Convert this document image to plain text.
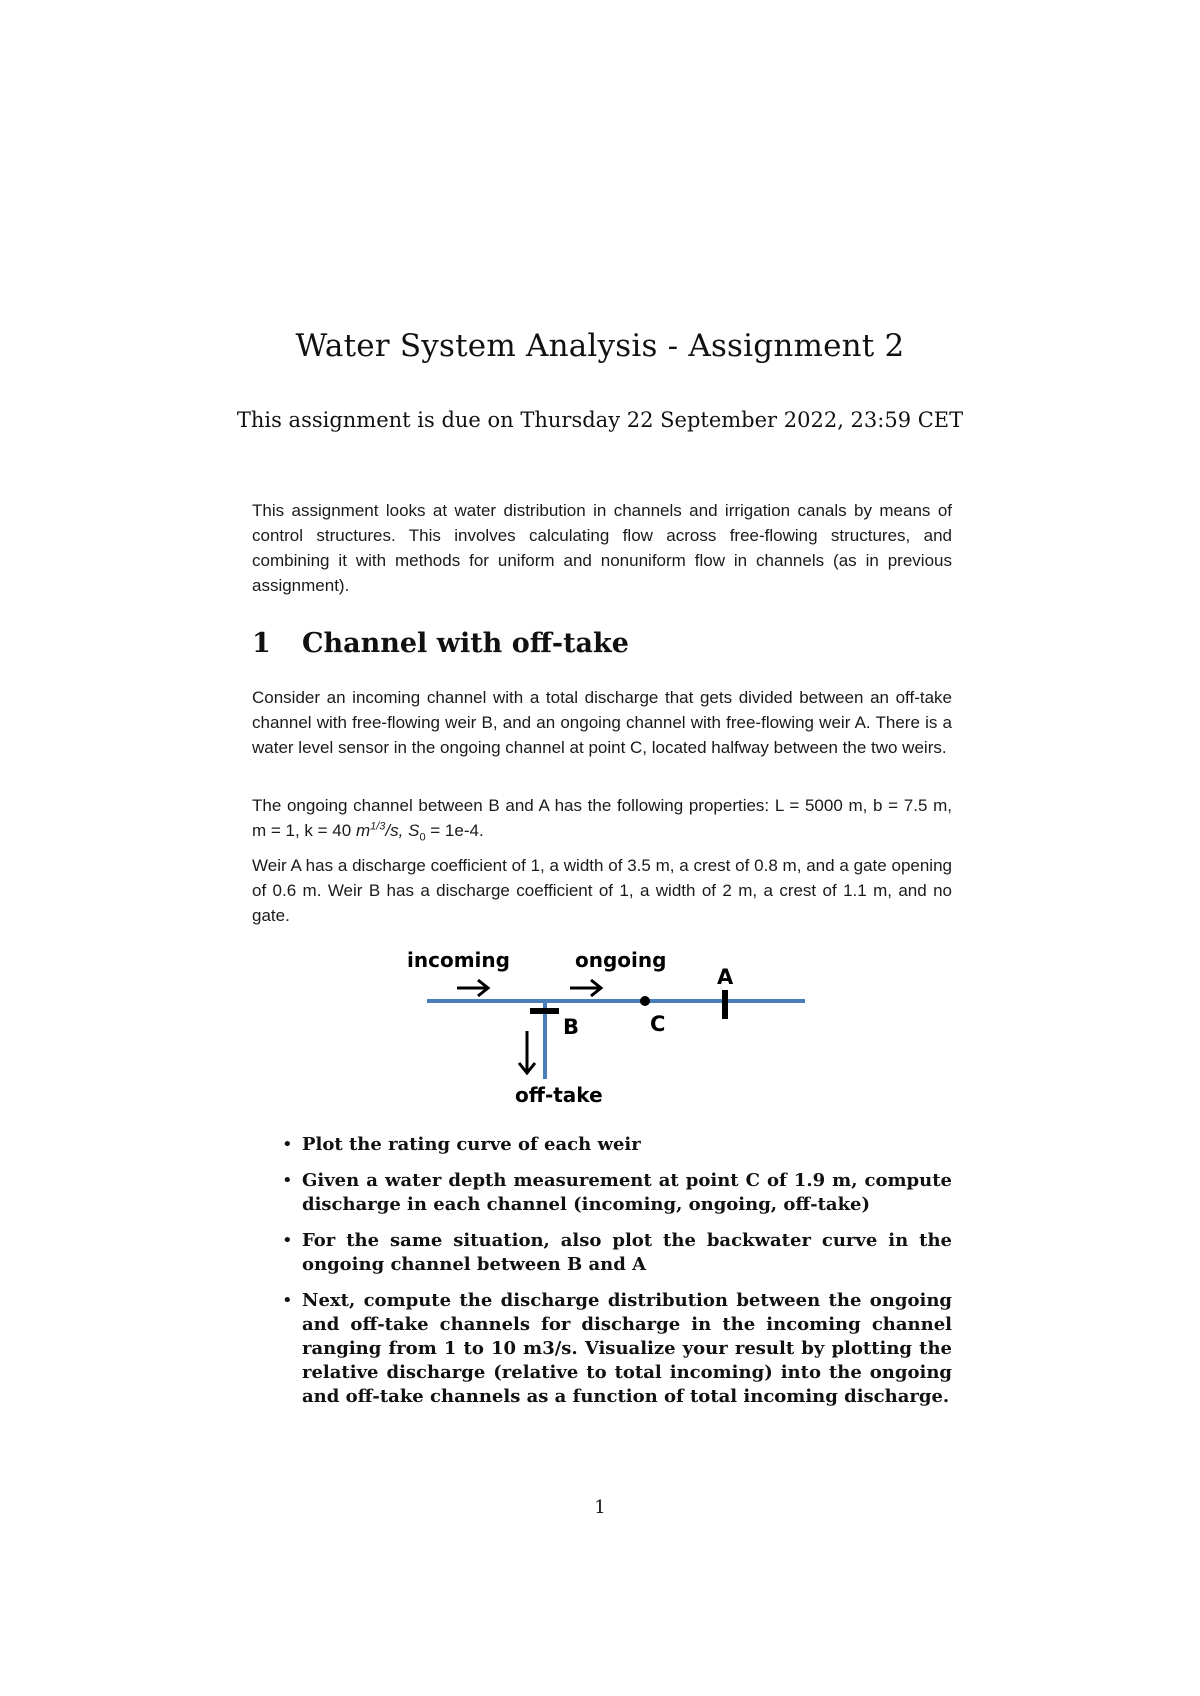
Water System Analysis - Assignment 2

This assignment is due on Thursday 22 September 2022, 23:59 CET

This assignment looks at water distribution in channels and irrigation canals by means of control structures. This involves calculating flow across free-flowing structures, and combining it with methods for uniform and nonuniform flow in channels (as in previous assignment).

1 Channel with off-take

Consider an incoming channel with a total discharge that gets divided between an off-take channel with free-flowing weir B, and an ongoing channel with free-flowing weir A. There is a water level sensor in the ongoing channel at point C, located halfway between the two weirs.

The ongoing channel between B and A has the following properties: L = 5000 m, b = 7.5 m, m = 1, k = 40 $m^{1/3}/s$, $S_0 = 1e-4$.

Weir A has a discharge coefficient of 1, a width of 3.5 m, a crest of 0.8 m, and a gate opening of 0.6 m. Weir B has a discharge coefficient of 1, a width of 2 m, a crest of 1.1 m, and no gate.

incoming	ongoing
A
B	C
off-take
• Plot the rating curve of each weir
• Given a water depth measurement at point C of 1.9 m, compute discharge in each channel (incoming, ongoing, off-take)
• For the same situation, also plot the backwater curve in the ongoing channel between B and A
• Next, compute the discharge distribution between the ongoing and off-take channels for discharge in the incoming channel ranging from 1 to 10 m3/s. Visualize your result by plotting the relative discharge (relative to total incoming) into the ongoing and off-take channels as a function of total incoming discharge.

1
